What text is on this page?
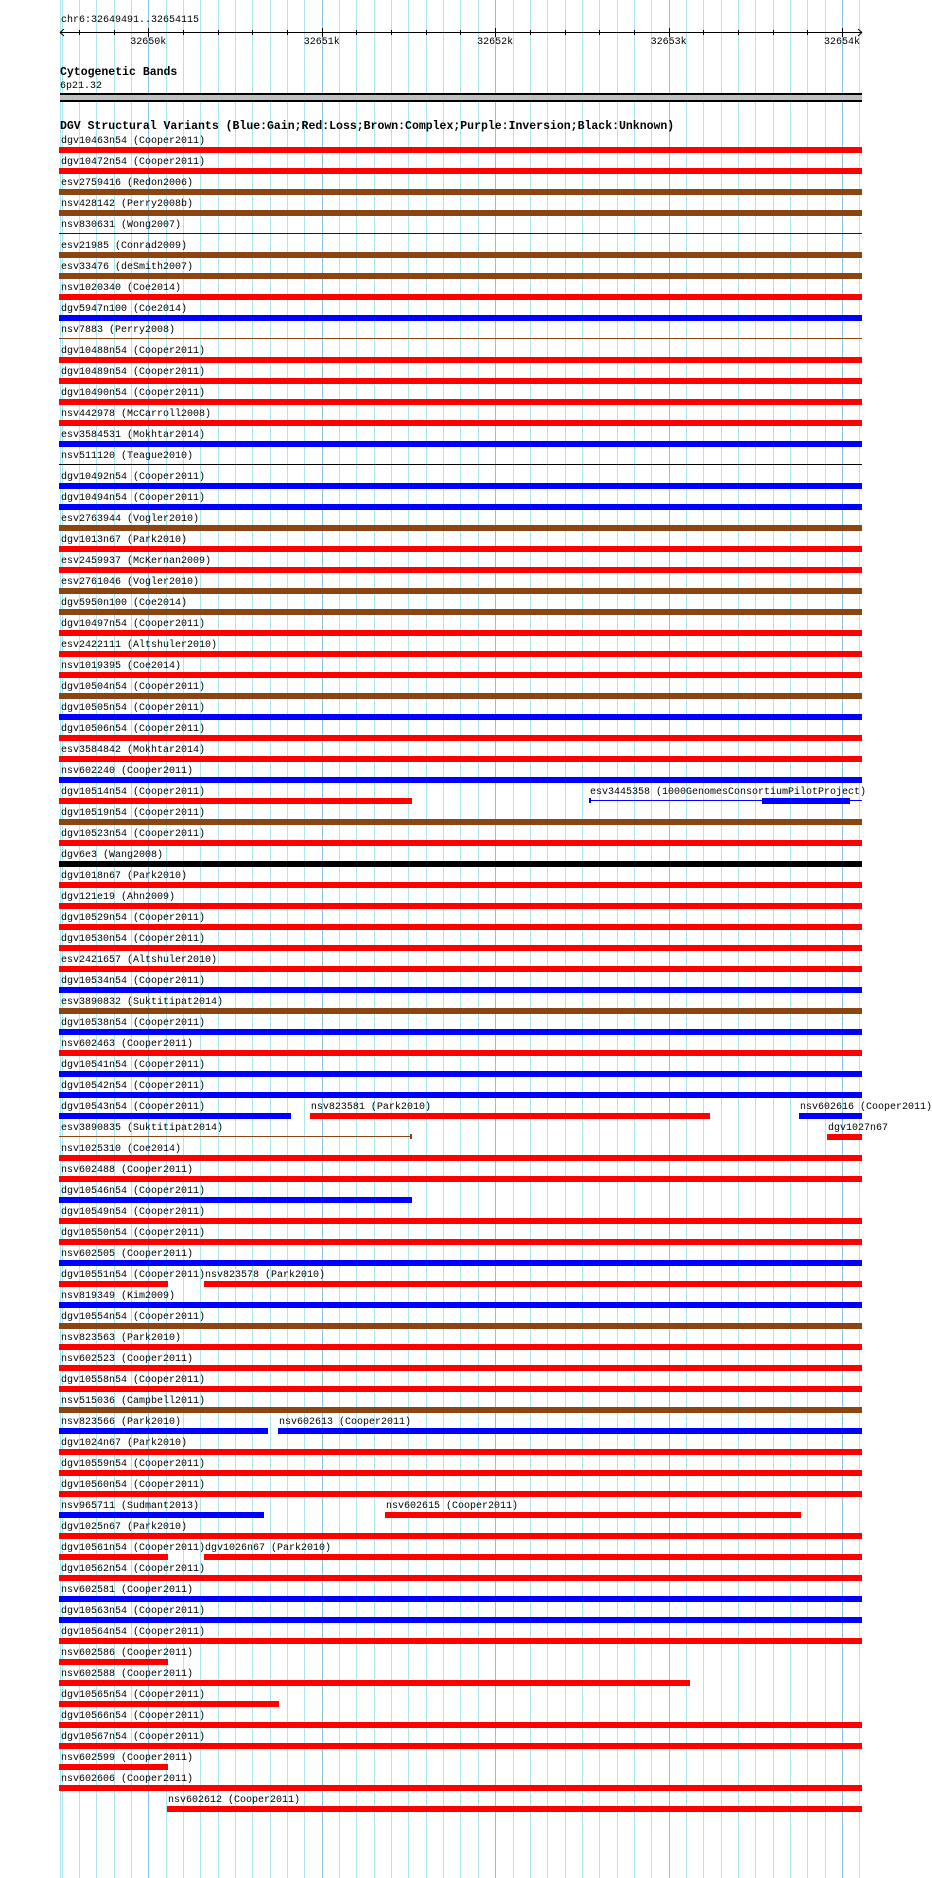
chr6:32649491..32654115
32650k	32651k	32652k	32653k	32654k
Cytogenetic Bands
6p21.32
DGV Structural Variants (Blue:Gain;Red:Loss;Brown:Complex;Purple:Inversion;Black:Unknown)
dgv10463n54 (Cooper2011)
dgv10472n54 (Cooper2011)
esv2759416 (Redon2006)
nsv428142 (Perry2008b)
nsv830631 (Wong2007)
esv21985 (Conrad2009)
esv33476 (deSmith2007)
nsv1020340 (Coe2014)
dgv5947n100 (Coe2014)
nsv7883 (Perry2008)
dgv10488n54 (Cooper2011)
dgv10489n54 (Cooper2011)
dgv10490n54 (Cooper2011)
nsv442978 (McCarroll2008)
esv3584531 (Mokhtar2014)
nsv511120 (Teague2010)
dgv10492n54 (Cooper2011)
dgv10494n54 (Cooper2011)
esv2763944 (Vogler2010)
dgv1013n67 (Park2010)
esv2459937 (McKernan2009)
esv2761046 (Vogler2010)
dgv5950n100 (Coe2014)
dgv10497n54 (Cooper2011)
esv2422111 (Altshuler2010)
nsv1019395 (Coe2014)
dgv10504n54 (Cooper2011)
dgv10505n54 (Cooper2011)
dgv10506n54 (Cooper2011)
esv3584842 (Mokhtar2014)
nsv602240 (Cooper2011)
dgv10514n54 (Cooper2011)	esv3445358 (1000GenomesConsortiumPilotProject)
dgv10519n54 (Cooper2011)
dgv10523n54 (Cooper2011)
dgv6e3 (Wang2008)
dgv1018n67 (Park2010)
dgv121e19 (Ahn2009)
dgv10529n54 (Cooper2011)
dgv10530n54 (Cooper2011)
esv2421657 (Altshuler2010)
dgv10534n54 (Cooper2011)
esv3890832 (Suktitipat2014)
dgv10538n54 (Cooper2011)
nsv602463 (Cooper2011)
dgv10541n54 (Cooper2011)
dgv10542n54 (Cooper2011)
dgv10543n54 (Cooper2011)	nsv823581 (Park2010)	nsv602616 (Cooper2011)
esv3890835 (Suktitipat2014)	dgv1027n67
nsv1025310 (Coe2014)
nsv602488 (Cooper2011)
dgv10546n54 (Cooper2011)
dgv10549n54 (Cooper2011)
dgv10550n54 (Cooper2011)
nsv602505 (Cooper2011)
dgv10551n54 (Cooper2011) nsv823578 (Park2010)
nsv819349 (Kim2009)
dgv10554n54 (Cooper2011)
nsv823563 (Park2010)
nsv602523 (Cooper2011)
dgv10558n54 (Cooper2011)
nsv515036 (Campbell2011)
nsv823566 (Park2010)	nsv602613 (Cooper2011)
dgv1024n67 (Park2010)
dgv10559n54 (Cooper2011)
dgv10560n54 (Cooper2011)
nsv965711 (Sudmant2013)	nsv602615 (Cooper2011)
dgv1025n67 (Park2010)
dgv10561n54 (Cooper2011) dgv1026n67 (Park2010)
dgv10562n54 (Cooper2011)
nsv602581 (Cooper2011)
dgv10563n54 (Cooper2011)
dgv10564n54 (Cooper2011)
nsv602586 (Cooper2011)
nsv602588 (Cooper2011)
dgv10565n54 (Cooper2011)
dgv10566n54 (Cooper2011)
dgv10567n54 (Cooper2011)
nsv602599 (Cooper2011)
nsv602606 (Cooper2011)
nsv602612 (Cooper2011)
